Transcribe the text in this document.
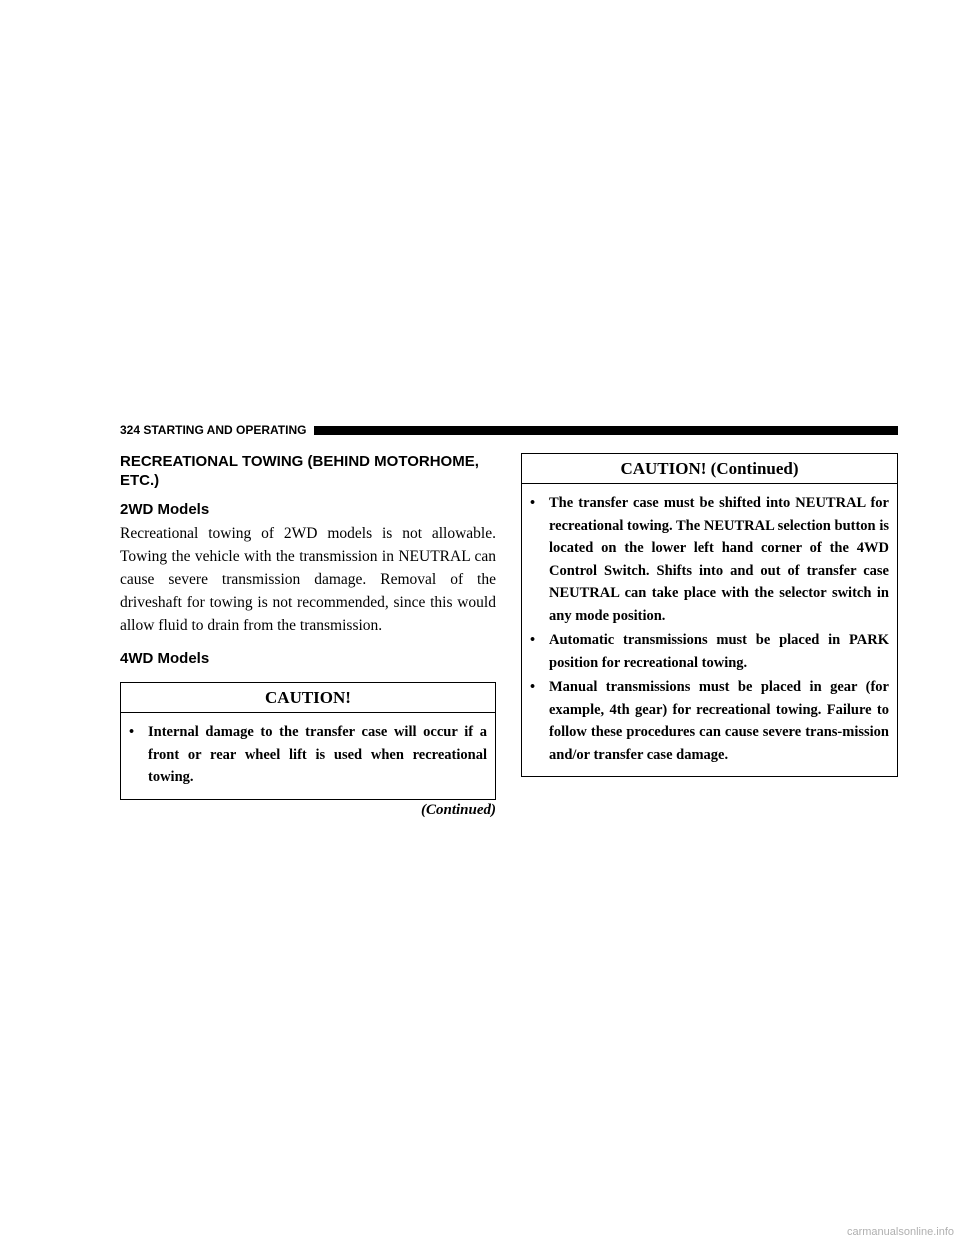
324 STARTING AND OPERATING
RECREATIONAL TOWING (BEHIND MOTORHOME, ETC.)
2WD Models

Recreational towing of 2WD models is not allowable. Towing the vehicle with the transmission in NEUTRAL can cause severe transmission damage. Removal of the driveshaft for towing is not recommended, since this would allow fluid to drain from the transmission.

4WD Models
CAUTION!
• Internal damage to the transfer case will occur if a front or rear wheel lift is used when recreational towing.
(Continued)
CAUTION! (Continued)
• The transfer case must be shifted into NEUTRAL for recreational towing. The NEUTRAL selection button is located on the lower left hand corner of the 4WD Control Switch. Shifts into and out of transfer case NEUTRAL can take place with the selector switch in any mode position.
• Automatic transmissions must be placed in PARK position for recreational towing.
• Manual transmissions must be placed in gear (for example, 4th gear) for recreational towing. Failure to follow these procedures can cause severe trans-mission and/or transfer case damage.
carmanualsonline.info
